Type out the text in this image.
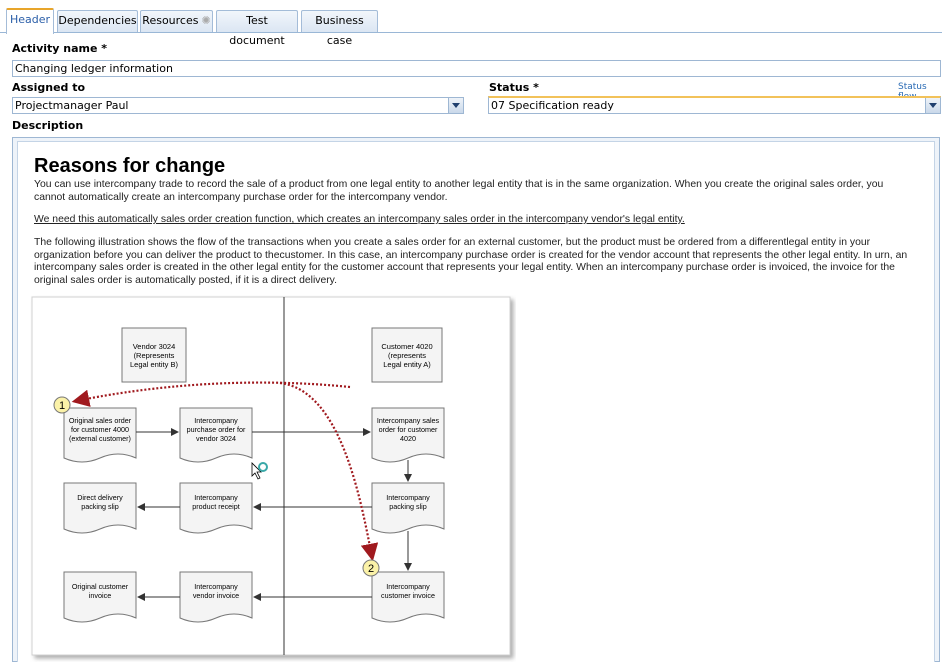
Header Dependencies Resources ✺	Test document
Business case
Activity name *
Changing ledger information
Assigned to
Projectmanager Paul
Status *	Status
07 Specification ready
Description
Reasons for change
You can use intercompany trade to record the sale of a product from one legal entity to another legal entity that is in the same organization. When you create the original sales order, you cannot automatically create an intercompany purchase order for the intercompany vendor.
We need this automatically sales order creation function, which creates an intercompany sales order in the intercompany vendor's legal entity.
The following illustration shows the flow of the transactions when you create a sales order for an external customer, but the product must be ordered from a differentlegal entity in your organization before you can deliver the product to thecustomer. In this case, an intercompany purchase order is created for the vendor account that represents the other legal entity. In urn, an intercompany sales order is created in the other legal entity for the customer account that represents your legal entity. When an intercompany purchase order is invoiced, the invoice for the original sales order is automatically posted, if it is a direct delivery.
Vendor 3024
(Represents
Legal entity B)
Customer 4020
(represents
Legal entity A)
Original sales order
for customer 4000
(external customer)
Intercompany
purchase order for
vendor 3024
Intercompany sales
order for customer
4020
Direct delivery
packing slip
Intercompany
product receipt
Intercompany
packing slip
Original customer
invoice
Intercompany
vendor invoice
Intercompany
customer invoice
1
2
